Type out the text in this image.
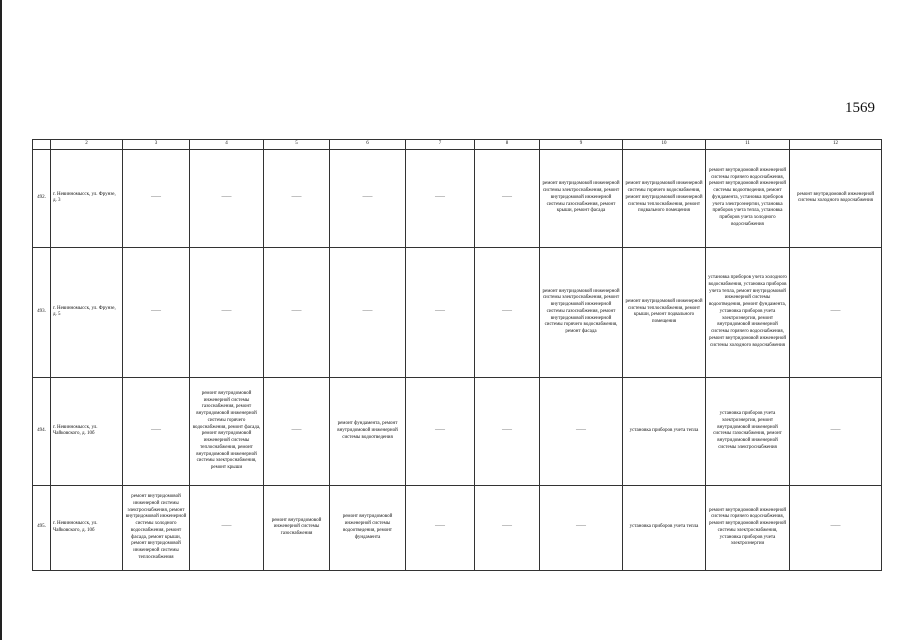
1569
	2	3	4	5	6	7	8	9	10	11	12
492.	г. Невинномысск, ул. Фрунзе, д. 3	——	——	——	——	——	——	ремонт внутридомовой инженерной системы электроснабжения, ремонт внутридомовой инженерной системы газоснабжения, ремонт крыши, ремонт фасада	ремонт внутридомовой инженерной системы горячего водоснабжения, ремонт внутридомовой инженерной системы теплоснабжения, ремонт подвального помещения	ремонт внутридомовой инженерной системы горячего водоснабжения, ремонт внутридомовой инженерной системы водоотведения, ремонт фундамента, установка приборов учета электроэнергии, установка приборов учета тепла, установка приборов учета холодного водоснабжения	ремонт внутридомовой инженерной системы холодного водоснабжения
493.	г. Невинномысск, ул. Фрунзе, д. 5	——	——	——	——	——	——	ремонт внутридомовой инженерной системы электроснабжения, ремонт внутридомовой инженерной системы газоснабжения, ремонт внутридомовой инженерной системы горячего водоснабжения, ремонт фасада	ремонт внутридомовой инженерной системы теплоснабжения, ремонт крыши, ремонт подвального помещения	установка приборов учета холодного водоснабжения, установка приборов учета тепла, ремонт внутридомовой инженерной системы водоотведения, ремонт фундамента, установка приборов учета электроэнергии, ремонт внутридомовой инженерной системы горячего водоснабжения, ремонт внутридомовой инженерной системы холодного водоснабжения	——
494.	г. Невинномысск, ул. Чайковского, д. 10б	——	ремонт внутридомовой инженерной системы газоснабжения, ремонт внутридомовой инженерной системы горячего водоснабжения, ремонт фасада, ремонт внутридомовой инженерной системы теплоснабжения, ремонт внутридомовой инженерной системы электроснабжения, ремонт крыши	——	ремонт фундамента, ремонт внутридомовой инженерной системы водоотведения	——	——	——	установка приборов учета тепла	установка приборов учета электроэнергии, ремонт внутридомовой инженерной системы газоснабжения, ремонт внутридомовой инженерной системы электроснабжения	——
495.	г. Невинномысск, ул. Чайковского, д. 10б	ремонт внутридомовой инженерной системы электроснабжения, ремонт внутридомовой инженерной системы холодного водоснабжения, ремонт фасада, ремонт крыши, ремонт внутридомовой инженерной системы теплоснабжения	——	ремонт внутридомовой инженерной системы газоснабжения	ремонт внутридомовой инженерной системы водоотведения, ремонт фундамента	——	——	——	установка приборов учета тепла	ремонт внутридомовой инженерной системы горячего водоснабжения, ремонт внутридомовой инженерной системы электроснабжения, установка приборов учета электроэнергии	——
